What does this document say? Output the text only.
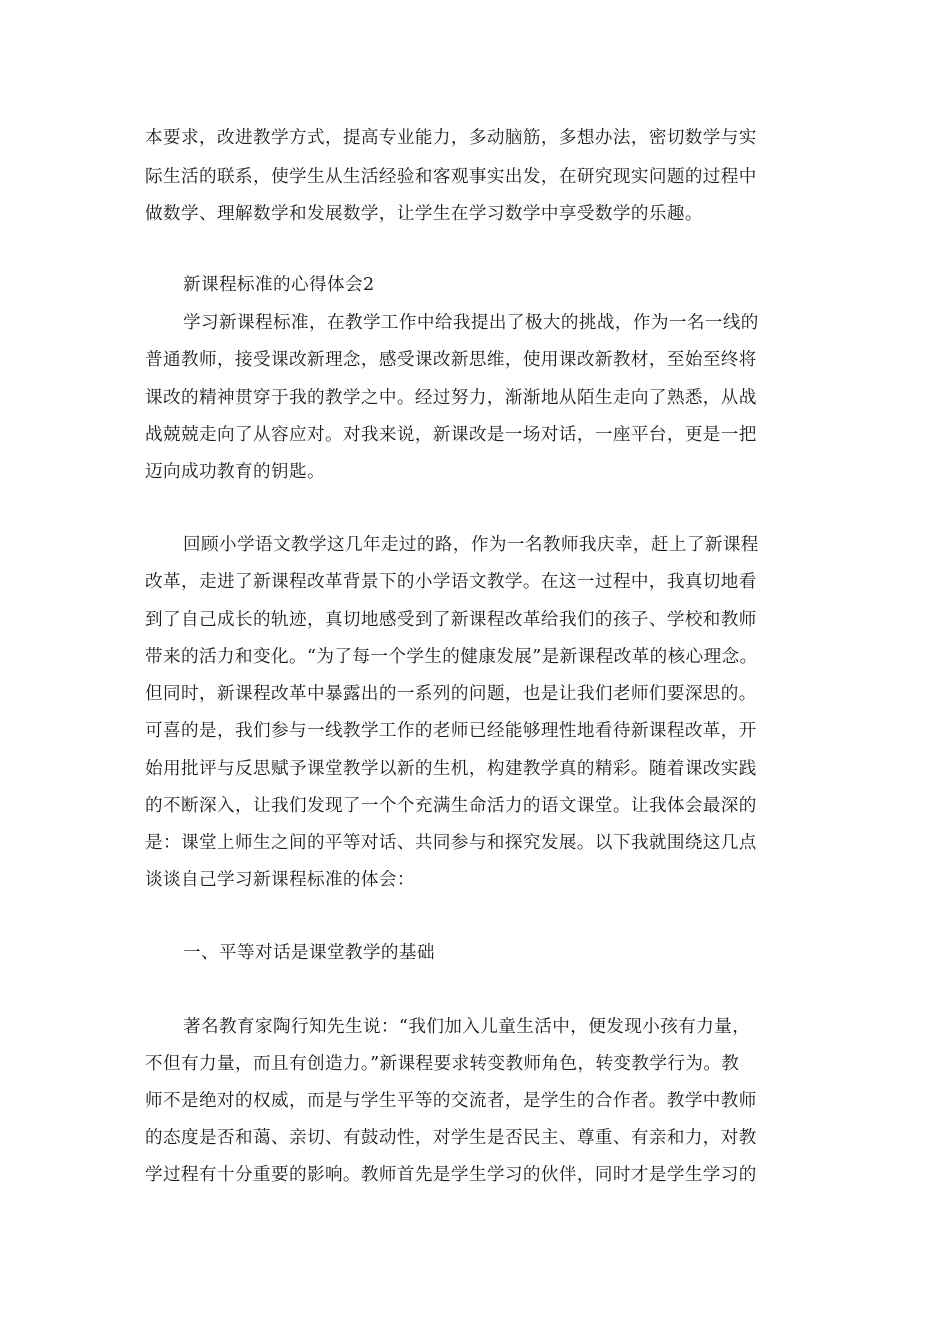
本要求，改进教学方式，提高专业能力，多动脑筋，多想办法，密切数学与实
际生活的联系，使学生从生活经验和客观事实出发，在研究现实问题的过程中
做数学、理解数学和发展数学，让学生在学习数学中享受数学的乐趣。
新课程标准的心得体会2
学习新课程标准，在教学工作中给我提出了极大的挑战，作为一名一线的
普通教师，接受课改新理念，感受课改新思维，使用课改新教材，至始至终将
课改的精神贯穿于我的教学之中。经过努力，渐渐地从陌生走向了熟悉，从战
战兢兢走向了从容应对。对我来说，新课改是一场对话，一座平台，更是一把
迈向成功教育的钥匙。
回顾小学语文教学这几年走过的路，作为一名教师我庆幸，赶上了新课程
改革，走进了新课程改革背景下的小学语文教学。在这一过程中，我真切地看
到了自己成长的轨迹，真切地感受到了新课程改革给我们的孩子、学校和教师
带来的活力和变化。“为了每一个学生的健康发展”是新课程改革的核心理念。
但同时，新课程改革中暴露出的一系列的问题，也是让我们老师们要深思的。
可喜的是，我们参与一线教学工作的老师已经能够理性地看待新课程改革，开
始用批评与反思赋予课堂教学以新的生机，构建教学真的精彩。随着课改实践
的不断深入，让我们发现了一个个充满生命活力的语文课堂。让我体会最深的
是：课堂上师生之间的平等对话、共同参与和探究发展。以下我就围绕这几点
谈谈自己学习新课程标准的体会：
一、平等对话是课堂教学的基础
著名教育家陶行知先生说：“我们加入儿童生活中，便发现小孩有力量，
不但有力量，而且有创造力。”新课程要求转变教师角色，转变教学行为。教
师不是绝对的权威，而是与学生平等的交流者，是学生的合作者。教学中教师
的态度是否和蔼、亲切、有鼓动性，对学生是否民主、尊重、有亲和力，对教
学过程有十分重要的影响。教师首先是学生学习的伙伴，同时才是学生学习的
